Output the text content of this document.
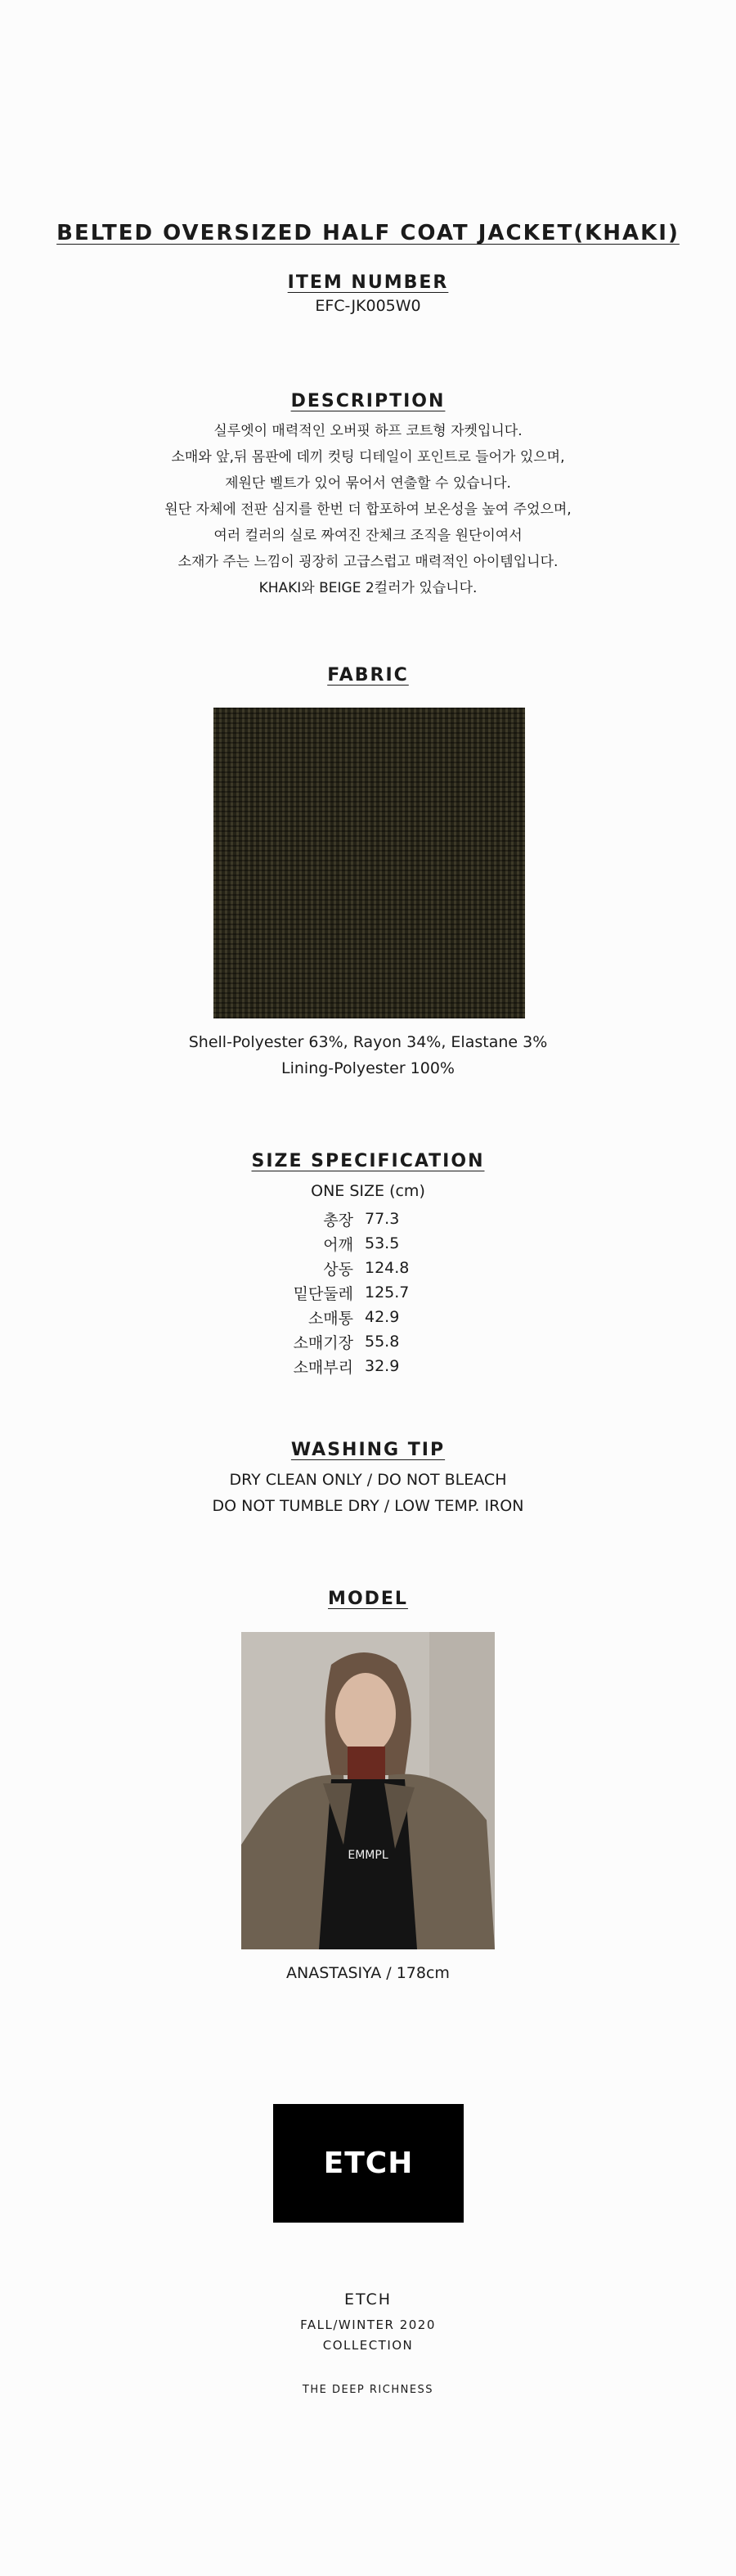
BELTED OVERSIZED HALF COAT JACKET(KHAKI)
ITEM NUMBER
EFC-JK005W0
DESCRIPTION
실루엣이 매력적인 오버핏 하프 코트형 자켓입니다.
소매와 앞,뒤 몸판에 데끼 컷팅 디테일이 포인트로 들어가 있으며,
제원단 벨트가 있어 묶어서 연출할 수 있습니다.
원단 자체에 전판 심지를 한번 더 합포하여 보온성을 높여 주었으며,
여러 컬러의 실로 짜여진 잔체크 조직을 원단이여서
소재가 주는 느낌이 굉장히 고급스럽고 매력적인 아이템입니다.
KHAKI와 BEIGE 2컬러가 있습니다.
FABRIC
Shell-Polyester 63%, Rayon 34%, Elastane 3%
Lining-Polyester 100%
SIZE SPECIFICATION
ONE SIZE (cm)
총장 77.3
어깨 53.5
상동 124.8
밑단둘레 125.7
소매통 42.9
소매기장 55.8
소매부리 32.9
WASHING TIP
DRY CLEAN ONLY / DO NOT BLEACH
DO NOT TUMBLE DRY / LOW TEMP. IRON
MODEL
EMMPL
ANASTASIYA / 178cm
ETCH
ETCH
FALL/WINTER 2020
COLLECTION
THE DEEP RICHNESS
